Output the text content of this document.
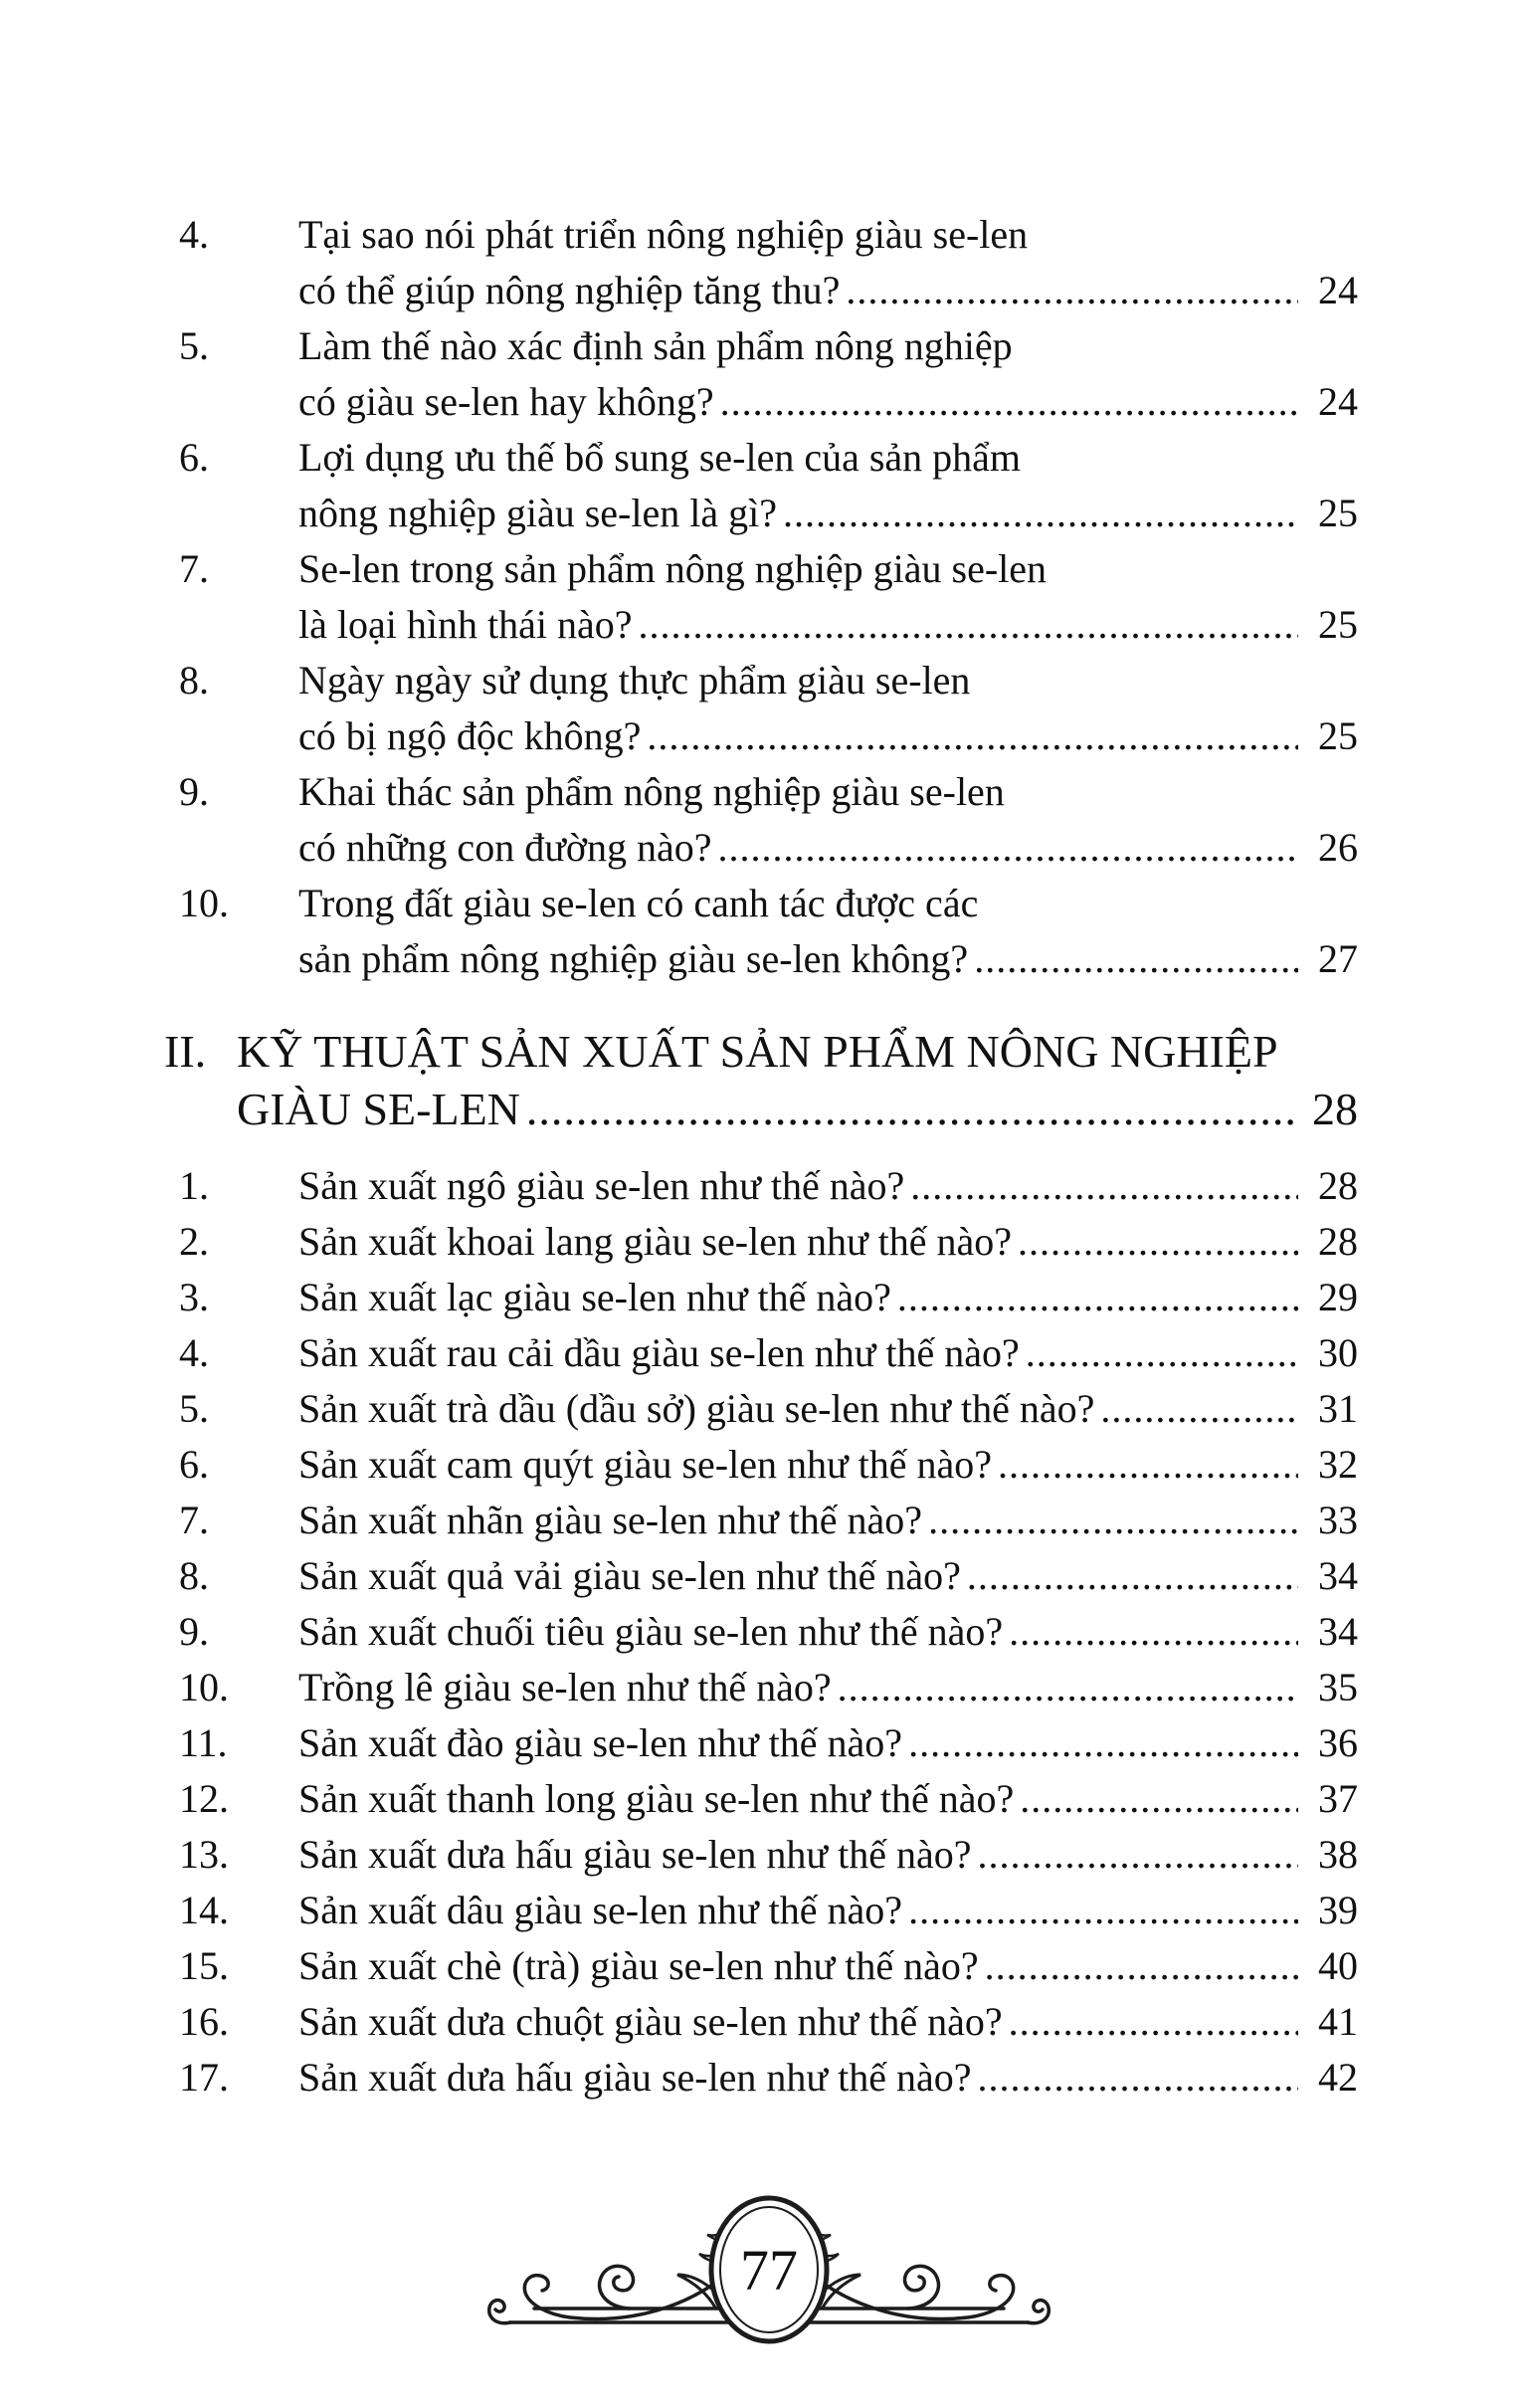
4.	Tại sao nói phát triển nông nghiệp giàu se-len
có thể giúp nông nghiệp tăng thu? .....	24
5.	Làm thế nào xác định sản phẩm nông nghiệp
có giàu se-len hay không? .....	24
6.	Lợi dụng ưu thế bổ sung se-len của sản phẩm
nông nghiệp giàu se-len là gì? .....	25
7.	Se-len trong sản phẩm nông nghiệp giàu se-len
là loại hình thái nào? .....	25
8.	Ngày ngày sử dụng thực phẩm giàu se-len
có bị ngộ độc không? .....	25
9.	Khai thác sản phẩm nông nghiệp giàu se-len
có những con đường nào? .....	26
10.	Trong đất giàu se-len có canh tác được các
sản phẩm nông nghiệp giàu se-len không? .....	27
II. KỸ THUẬT SẢN XUẤT SẢN PHẨM NÔNG NGHIỆP
GIÀU SE-LEN .....	28
1.	Sản xuất ngô giàu se-len như thế nào? .....	28
2.	Sản xuất khoai lang giàu se-len như thế nào? .....	28
3.	Sản xuất lạc giàu se-len như thế nào? .....	29
4.	Sản xuất rau cải dầu giàu se-len như thế nào? .....	30
5.	Sản xuất trà dầu (dầu sở) giàu se-len như thế nào? .....	31
6.	Sản xuất cam quýt giàu se-len như thế nào? .....	32
7.	Sản xuất nhãn giàu se-len như thế nào? .....	33
8.	Sản xuất quả vải giàu se-len như thế nào? .....	34
9.	Sản xuất chuối tiêu giàu se-len như thế nào? .....	34
10.	Trồng lê giàu se-len như thế nào? .....	35
11.	Sản xuất đào giàu se-len như thế nào? .....	36
12.	Sản xuất thanh long giàu se-len như thế nào? .....	37
13.	Sản xuất dưa hấu giàu se-len như thế nào? .....	38
14.	Sản xuất dâu giàu se-len như thế nào? .....	39
15.	Sản xuất chè (trà) giàu se-len như thế nào? .....	40
16.	Sản xuất dưa chuột giàu se-len như thế nào? .....	41
17.	Sản xuất dưa hấu giàu se-len như thế nào? .....	42
77
